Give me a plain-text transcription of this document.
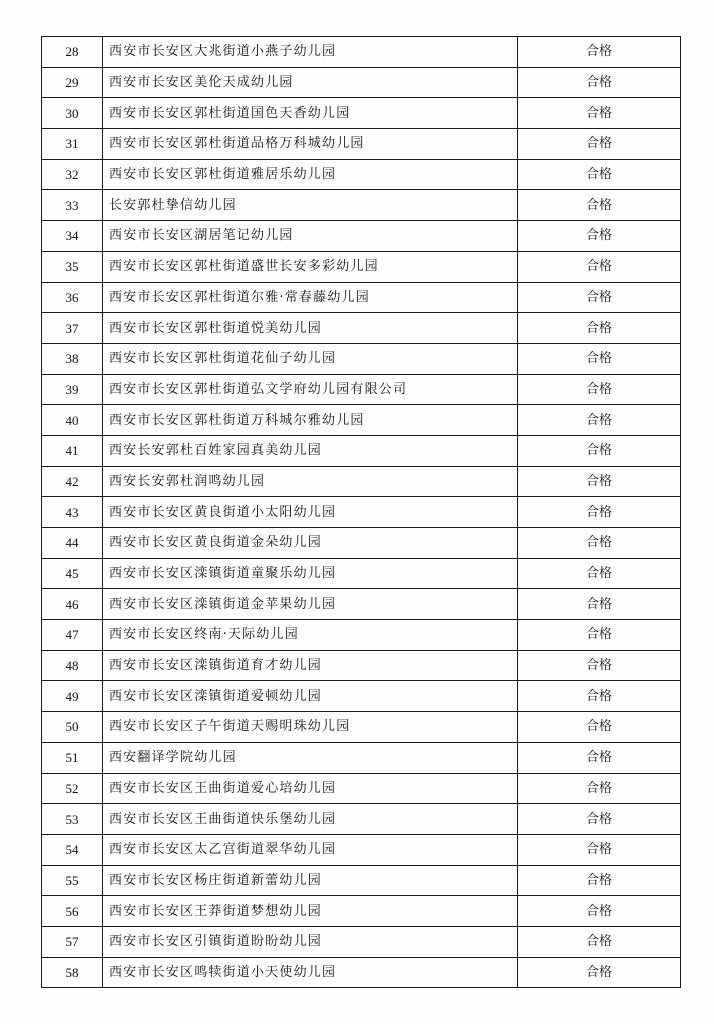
28	西安市长安区大兆街道小燕子幼儿园	合格
29	西安市长安区美伦天成幼儿园	合格
30	西安市长安区郭杜街道国色天香幼儿园	合格
31	西安市长安区郭杜街道品格万科城幼儿园	合格
32	西安市长安区郭杜街道雅居乐幼儿园	合格
33	长安郭杜挚信幼儿园	合格
34	西安市长安区湖居笔记幼儿园	合格
35	西安市长安区郭杜街道盛世长安多彩幼儿园	合格
36	西安市长安区郭杜街道尔雅·常春藤幼儿园	合格
37	西安市长安区郭杜街道悦美幼儿园	合格
38	西安市长安区郭杜街道花仙子幼儿园	合格
39	西安市长安区郭杜街道弘文学府幼儿园有限公司	合格
40	西安市长安区郭杜街道万科城尔雅幼儿园	合格
41	西安长安郭杜百姓家园真美幼儿园	合格
42	西安长安郭杜润鸣幼儿园	合格
43	西安市长安区黄良街道小太阳幼儿园	合格
44	西安市长安区黄良街道金朵幼儿园	合格
45	西安市长安区滦镇街道童聚乐幼儿园	合格
46	西安市长安区滦镇街道金苹果幼儿园	合格
47	西安市长安区终南·天际幼儿园	合格
48	西安市长安区滦镇街道育才幼儿园	合格
49	西安市长安区滦镇街道爱顿幼儿园	合格
50	西安市长安区子午街道天赐明珠幼儿园	合格
51	西安翻译学院幼儿园	合格
52	西安市长安区王曲街道爱心培幼儿园	合格
53	西安市长安区王曲街道快乐堡幼儿园	合格
54	西安市长安区太乙宫街道翠华幼儿园	合格
55	西安市长安区杨庄街道新蕾幼儿园	合格
56	西安市长安区王莽街道梦想幼儿园	合格
57	西安市长安区引镇街道盼盼幼儿园	合格
58	西安市长安区鸣犊街道小天使幼儿园	合格
